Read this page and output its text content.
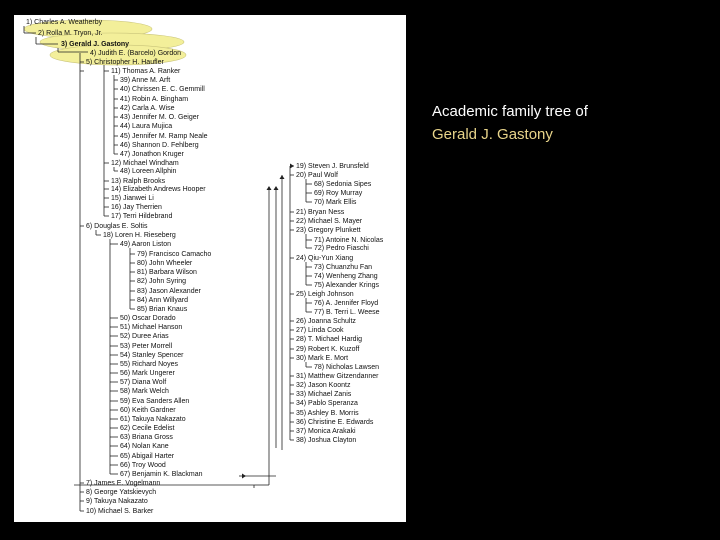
1) Charles A. Weatherby
2) Rolla M. Tryon, Jr.
3) Gerald J. Gastony
4) Judith E. (Barcelo) Gordon
5) Christopher H. Haufler
11) Thomas A. Ranker
39) Anne M. Arft
40) Chrissen E. C. Gemmill
41) Robin A. Bingham
42) Carla A. Wise
43) Jennifer M. O. Geiger
44) Laura Mujica
45) Jennifer M. Ramp Neale
46) Shannon D. Fehlberg
47) Jonathon Kruger
12) Michael Windham
48) Loreen Allphin
13) Ralph Brooks
14) Elizabeth Andrews Hooper
15) Jianwei Li
16) Jay Therrien
17) Terri Hildebrand
6) Douglas E. Soltis
18) Loren H. Rieseberg
49) Aaron Liston
79) Francisco Camacho
80) John Wheeler
81) Barbara Wilson
82) John Syring
83) Jason Alexander
84) Ann Willyard
85) Brian Knaus
50) Oscar Dorado
51) Michael Hanson
52) Duree Arias
53) Peter Morrell
54) Stanley Spencer
55) Richard Noyes
56) Mark Ungerer
57) Diana Wolf
58) Mark Welch
59) Eva Sanders Allen
60) Keith Gardner
61) Takuya Nakazato
62) Cecile Edelist
63) Briana Gross
64) Nolan Kane
65) Abigail Harter
66) Troy Wood
67) Benjamin K. Blackman
7) James E. Vogelmann
8) George Yatskievych
9) Takuya Nakazato
10) Michael S. Barker
19) Steven J. Brunsfeld
20) Paul Wolf
68) Sedonia Sipes
69) Roy Murray
70) Mark Ellis
21) Bryan Ness
22) Michael S. Mayer
23) Gregory Plunkett
71) Antoine N. Nicolas
72) Pedro Fiaschi
24) Qiu-Yun Xiang
73) Chuanzhu Fan
74) Wenheng Zhang
75) Alexander Krings
25) Leigh Johnson
76) A. Jennifer Floyd
77) B. Terri L. Weese
26) Joanna Schultz
27) Linda Cook
28) T. Michael Hardig
29) Robert K. Kuzoff
30) Mark E. Mort
78) Nicholas Lawsen
31) Matthew Gitzendanner
32) Jason Koontz
33) Michael Zanis
34) Pablo Speranza
35) Ashley B. Morris
36) Christine E. Edwards
37) Monica Arakaki
38) Joshua Clayton
Academic family tree of
Gerald J. Gastony
